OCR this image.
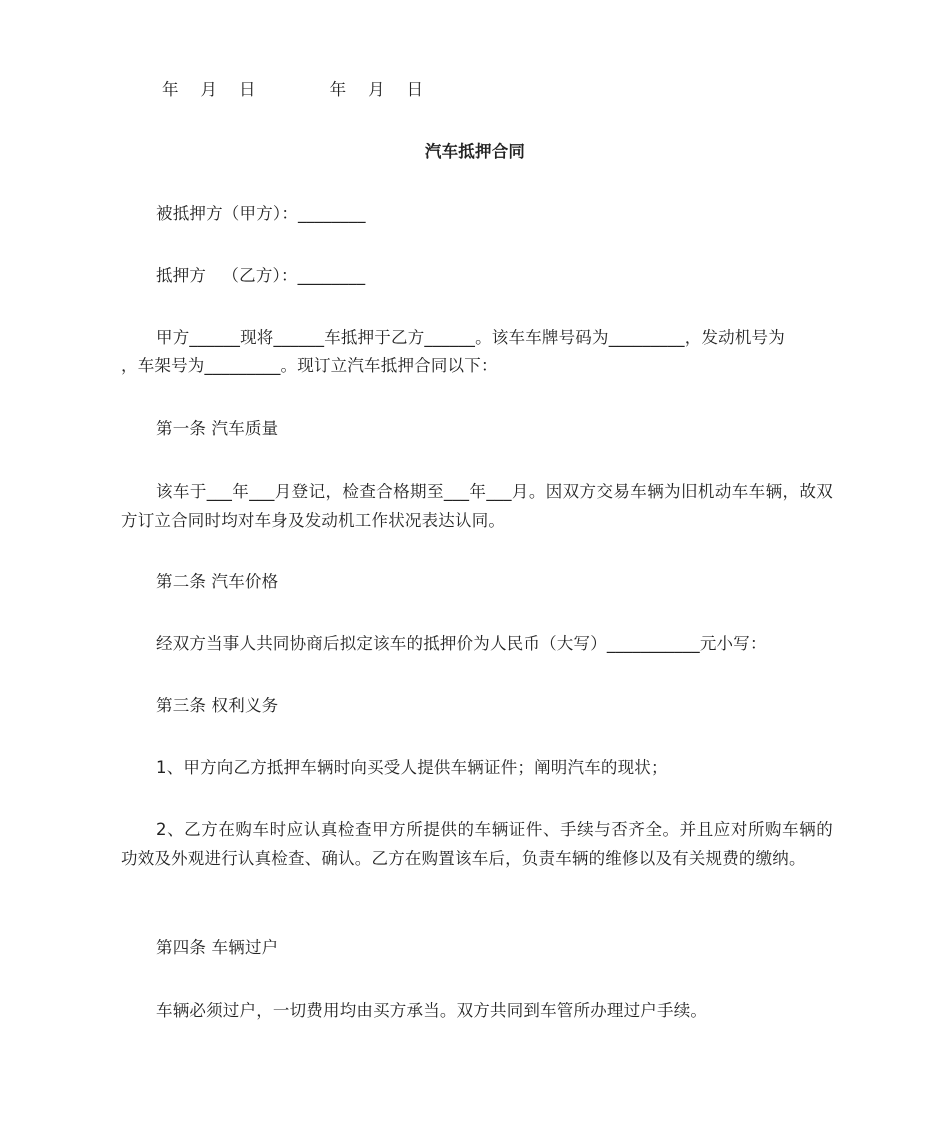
年    月    日	年    月    日
汽车抵押合同
被抵押方（甲方）：________
抵押方   （乙方）：________
甲方______现将______车抵押于乙方______。该车车牌号码为_________，发动机号为
，车架号为_________。现订立汽车抵押合同以下：
第一条 汽车质量
该车于___年___月登记，检查合格期至___年___月。因双方交易车辆为旧机动车车辆，故双方订立合同时均对车身及发动机工作状况表达认同。
第二条 汽车价格
经双方当事人共同协商后拟定该车的抵押价为人民币（大写）___________元小写：
第三条 权利义务
1、甲方向乙方抵押车辆时向买受人提供车辆证件；阐明汽车的现状；
2、乙方在购车时应认真检查甲方所提供的车辆证件、手续与否齐全。并且应对所购车辆的功效及外观进行认真检查、确认。乙方在购置该车后，负责车辆的维修以及有关规费的缴纳。
第四条 车辆过户
车辆必须过户，一切费用均由买方承当。双方共同到车管所办理过户手续。
